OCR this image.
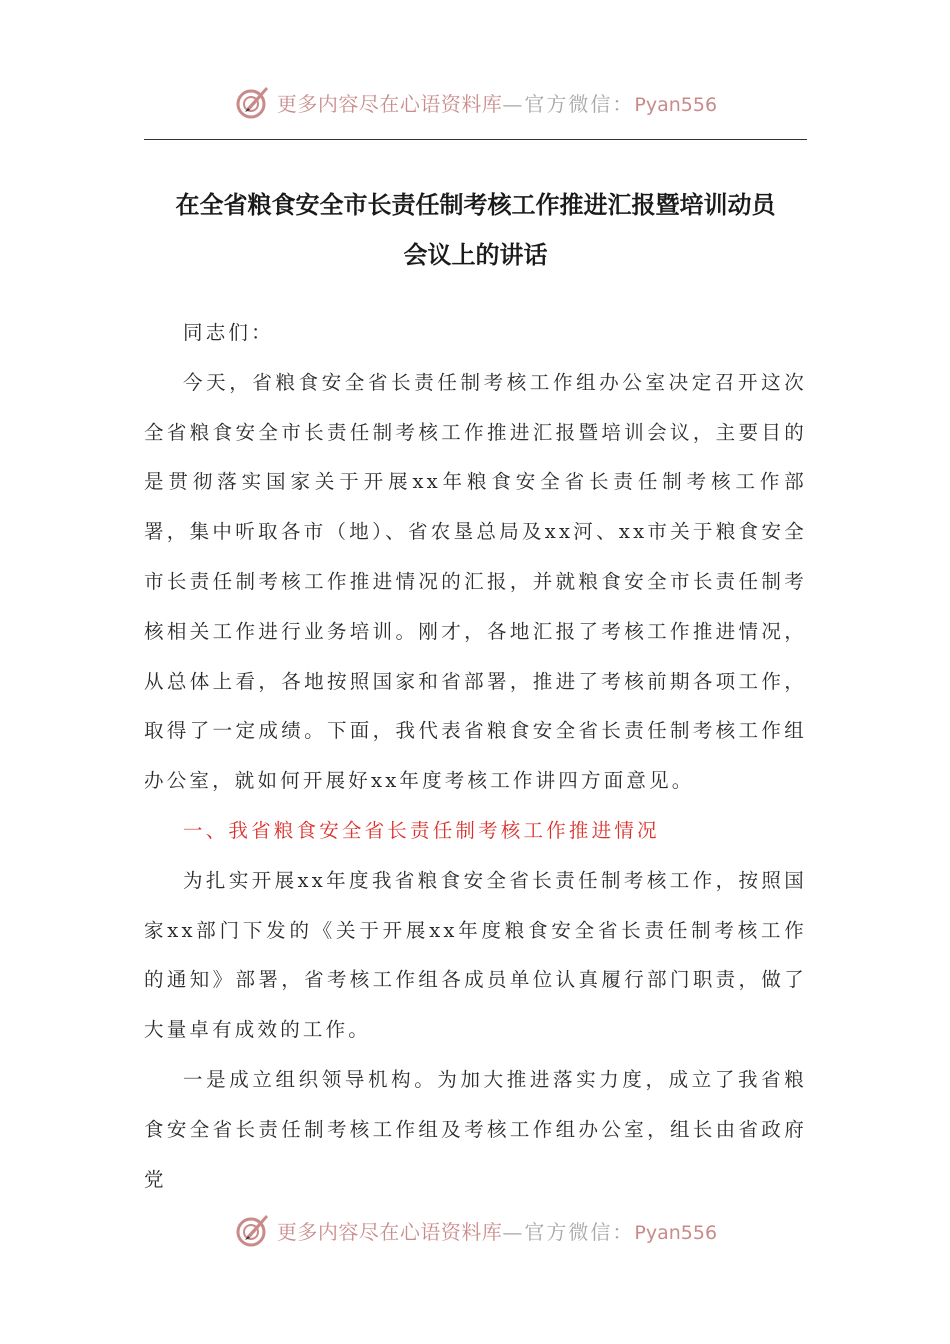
更多内容尽在心语资料库—官方微信：Pyan556
在全省粮食安全市长责任制考核工作推进汇报暨培训动员
会议上的讲话

同志们：

今天，省粮食安全省长责任制考核工作组办公室决定召开这次全省粮食安全市长责任制考核工作推进汇报暨培训会议，主要目的是贯彻落实国家关于开展xx年粮食安全省长责任制考核工作部署，集中听取各市（地）、省农垦总局及xx河、xx市关于粮食安全市长责任制考核工作推进情况的汇报，并就粮食安全市长责任制考核相关工作进行业务培训。刚才，各地汇报了考核工作推进情况，从总体上看，各地按照国家和省部署，推进了考核前期各项工作，取得了一定成绩。下面，我代表省粮食安全省长责任制考核工作组办公室，就如何开展好xx年度考核工作讲四方面意见。

一、我省粮食安全省长责任制考核工作推进情况

为扎实开展xx年度我省粮食安全省长责任制考核工作，按照国家xx部门下发的《关于开展xx年度粮食安全省长责任制考核工作的通知》部署，省考核工作组各成员单位认真履行部门职责，做了大量卓有成效的工作。

一是成立组织领导机构。为加大推进落实力度，成立了我省粮食安全省长责任制考核工作组及考核工作组办公室，组长由省政府党

更多内容尽在心语资料库—官方微信：Pyan556
